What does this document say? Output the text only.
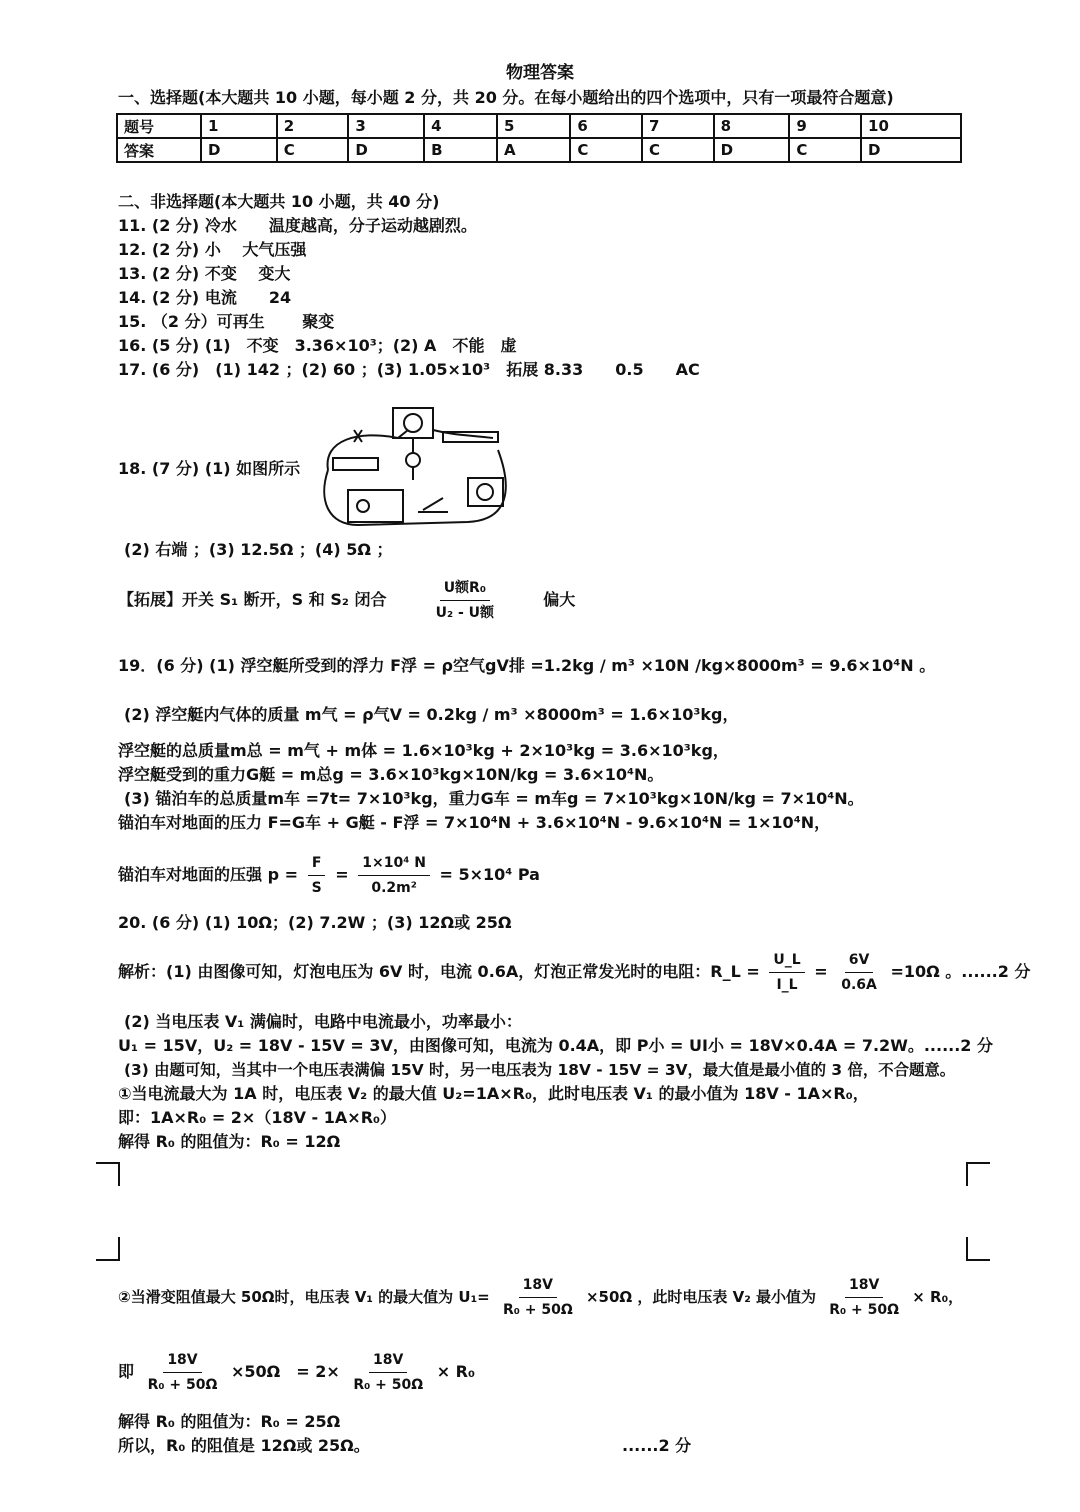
物理答案
一、选择题(本大题共 10 小题，每小题 2 分，共 20 分。在每小题给出的四个选项中，只有一项最符合题意)
题号	1	2	3	4	5	6	7	8	9	10
答案	D	C	D	B	A	C	C	D	C	D
二、非选择题(本大题共 10 小题，共 40 分)
11. (2 分) 冷水　　温度越高，分子运动越剧烈。
12. (2 分) 小　 大气压强
13. (2 分) 不变　 变大
14. (2 分) 电流　　24
15. （2 分）可再生　　 聚变
16. (5 分) (1)　不变　3.36×10³；(2) A　不能　虚
17. (6 分)　(1) 142 ；(2) 60 ；(3) 1.05×10³　拓展 8.33　　0.5　　AC
18. (7 分) (1) 如图所示
(2) 右端 ；(3) 12.5Ω ；(4) 5Ω ；
【拓展】开关 S₁ 断开，S 和 S₂ 闭合	$\frac{\text{U额R₀}}{\text{U₂ - U额}}$	偏大
19．(6 分) (1) 浮空艇所受到的浮力 F浮 = ρ空气gV排 =1.2kg / m³ ×10N /kg×8000m³ = 9.6×10⁴N 。
(2) 浮空艇内气体的质量 m气 = ρ气V = 0.2kg / m³ ×8000m³ = 1.6×10³kg，
浮空艇的总质量m总 = m气 + m体 = 1.6×10³kg + 2×10³kg = 3.6×10³kg，
浮空艇受到的重力G艇 = m总g = 3.6×10³kg×10N/kg = 3.6×10⁴N。
(3) 锚泊车的总质量m车 =7t= 7×10³kg，重力G车 = m车g = 7×10³kg×10N/kg = 7×10⁴N。
锚泊车对地面的压力 F=G车 + G艇 - F浮 = 7×10⁴N + 3.6×10⁴N - 9.6×10⁴N = 1×10⁴N，
锚泊车对地面的压强 $p = \frac{F}{S} = \frac{\text{1×10⁴ N}}{\text{0.2m²}} = 5\times 10^4$ Pa
20. (6 分) (1) 10Ω；(2) 7.2W ；(3) 12Ω或 25Ω
解析：(1) 由图像可知，灯泡电压为 6V 时，电流 0.6A，灯泡正常发光时的电阻：R_L = $\frac{U\_L}{I\_L} = \frac{6V}{0.6A} =10\Omega$ 。......2 分
(2) 当电压表 V₁ 满偏时，电路中电流最小，功率最小：
U₁ = 15V，U₂ = 18V - 15V = 3V，由图像可知，电流为 0.4A，即 P小 = UI小 = 18V×0.4A = 7.2W。......2 分
(3) 由题可知，当其中一个电压表满偏 15V 时，另一电压表为 18V - 15V = 3V，最大值是最小值的 3 倍，不合题意。
①当电流最大为 1A 时，电压表 V₂ 的最大值 U₂=1A×R₀，此时电压表 V₁ 的最小值为 18V - 1A×R₀，
即：1A×R₀ = 2×（18V - 1A×R₀）
解得 R₀ 的阻值为：R₀ = 12Ω
②当滑变阻值最大 50Ω时，电压表 V₁ 的最大值为 $U_1= \frac{18V}{\text{R₀ + 50Ω}} \times 50\Omega$ ，此时电压表 V₂ 最小值为 $\frac{18V}{\text{R₀ + 50Ω}} \times R_0$，
即 $\frac{18V}{\text{R₀ + 50Ω}} \times 50\Omega$　= $2\times \frac{18V}{\text{R₀ + 50Ω}} \times R_0$
解得 R₀ 的阻值为：R₀ = 25Ω
所以，R₀ 的阻值是 12Ω或 25Ω。	......2 分
